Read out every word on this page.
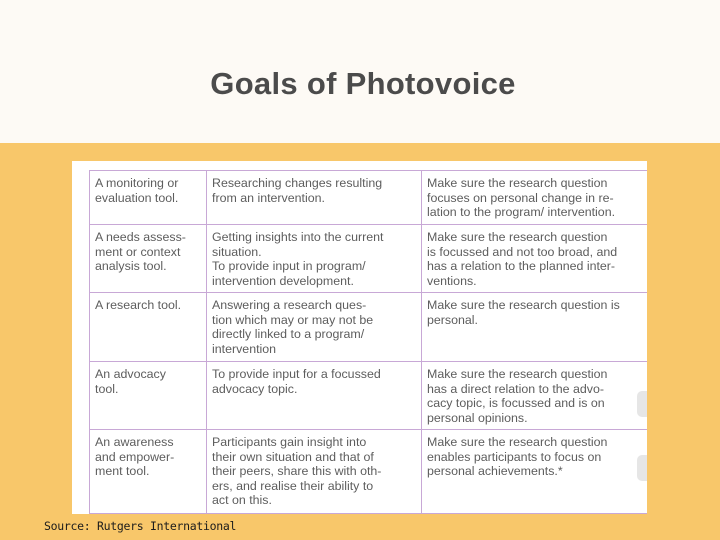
Goals of Photovoice
A monitoring or
evaluation tool.	Researching changes resulting
from an intervention.	Make sure the research question
focuses on personal change in re-
lation to the program/ intervention.

A needs assess-
ment or context
analysis tool.	Getting insights into the current
situation.
To provide input in program/
intervention development.	Make sure the research question
is focussed and not too broad, and
has a relation to the planned inter-
ventions.

A research tool.	Answering a research ques-
tion which may or may not be
directly linked to a program/
intervention	Make sure the research question is
personal.

An advocacy
tool.	To provide input for a focussed
advocacy topic.	Make sure the research question
has a direct relation to the advo-
cacy topic, is focussed and is on
personal opinions.

An awareness
and empower-
ment tool.	Participants gain insight into
their own situation and that of
their peers, share this with oth-
ers, and realise their ability to
act on this.	Make sure the research question
enables participants to focus on
personal achievements.*
Source: Rutgers International
